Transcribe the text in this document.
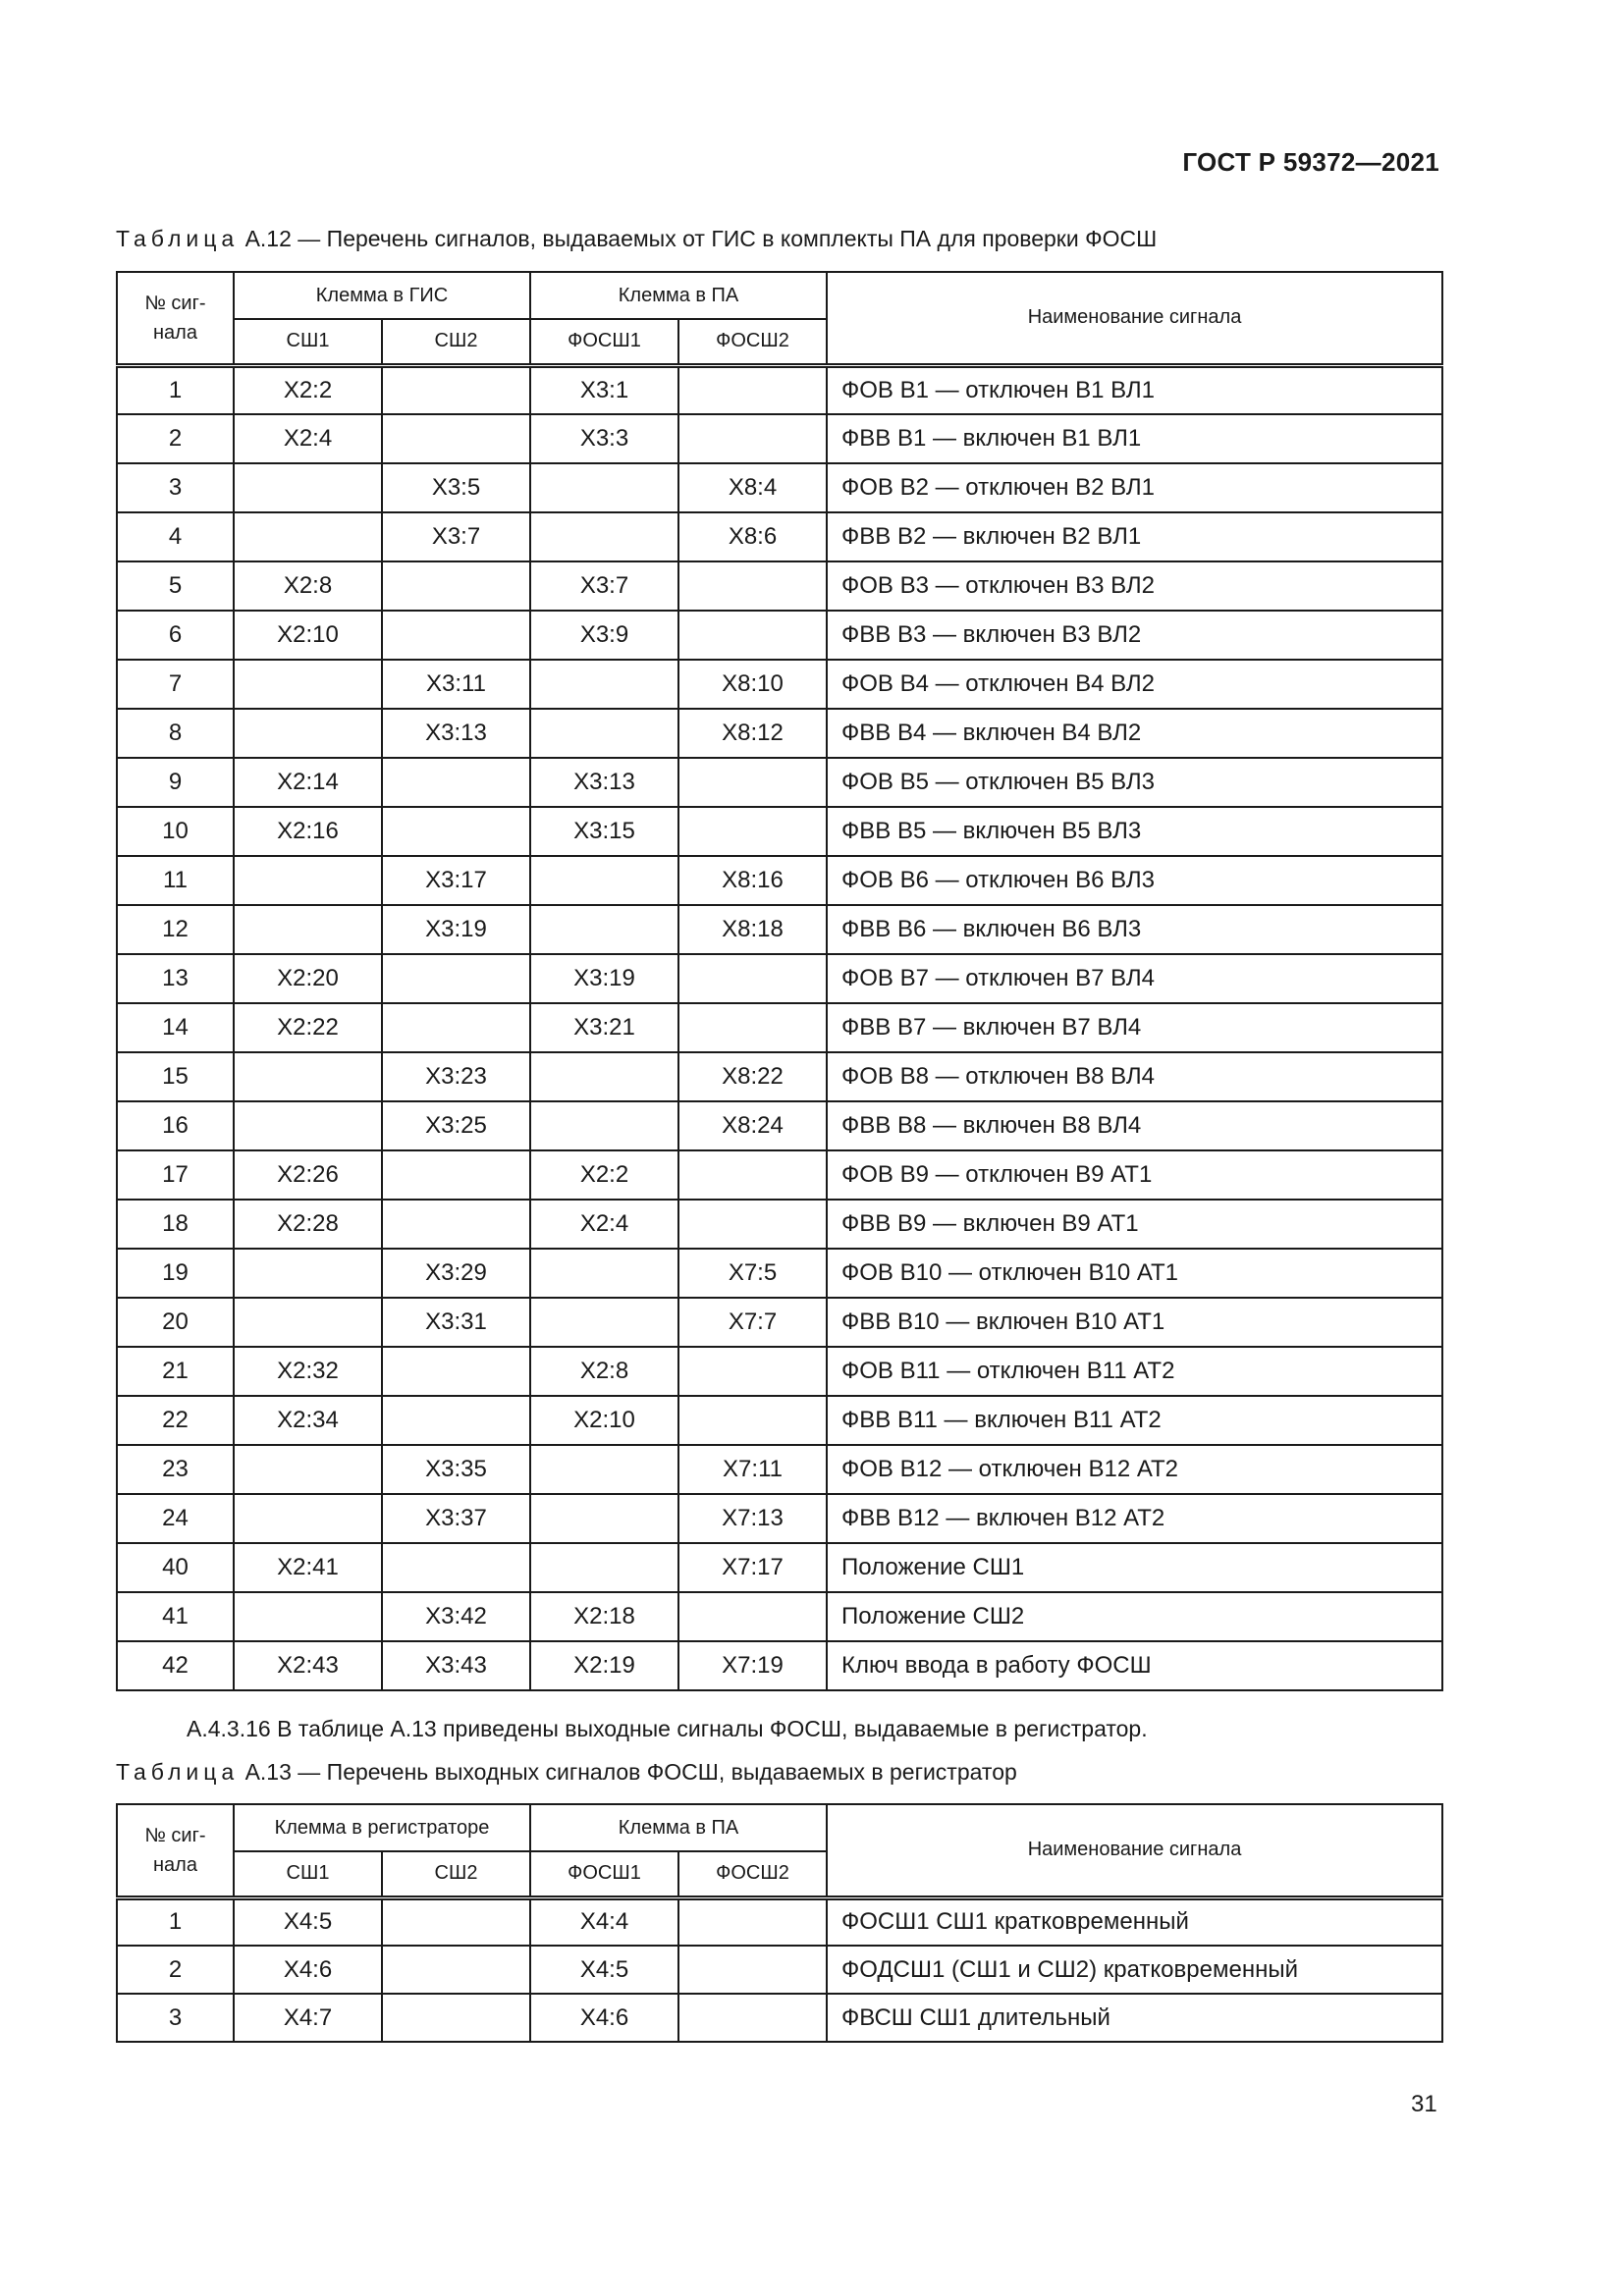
ГОСТ Р 59372—2021
Таблица А.12 — Перечень сигналов, выдаваемых от ГИС в комплекты ПА для проверки ФОСШ
№ сиг-
нала	Клемма в ГИС		Клемма в ПА		Наименование сигнала
	СШ1	СШ2	ФОСШ1	ФОСШ2	
1	X2:2		X3:1		ФОВ В1 — отключен В1 ВЛ1
2	X2:4		X3:3		ФВВ В1 — включен В1 ВЛ1
3		X3:5		X8:4	ФОВ В2 — отключен В2 ВЛ1
4		X3:7		X8:6	ФВВ В2 — включен В2 ВЛ1
5	X2:8		X3:7		ФОВ В3 — отключен В3 ВЛ2
6	X2:10		X3:9		ФВВ В3 — включен В3 ВЛ2
7		X3:11		X8:10	ФОВ В4 — отключен В4 ВЛ2
8		X3:13		X8:12	ФВВ В4 — включен В4 ВЛ2
9	X2:14		X3:13		ФОВ В5 — отключен В5 ВЛ3
10	X2:16		X3:15		ФВВ В5 — включен В5 ВЛ3
11		X3:17		X8:16	ФОВ В6 — отключен В6 ВЛ3
12		X3:19		X8:18	ФВВ В6 — включен В6 ВЛ3
13	X2:20		X3:19		ФОВ В7 — отключен В7 ВЛ4
14	X2:22		X3:21		ФВВ В7 — включен В7 ВЛ4
15		X3:23		X8:22	ФОВ В8 — отключен В8 ВЛ4
16		X3:25		X8:24	ФВВ В8 — включен В8 ВЛ4
17	X2:26		X2:2		ФОВ В9 — отключен В9 АТ1
18	X2:28		X2:4		ФВВ В9 — включен В9 АТ1
19		X3:29		X7:5	ФОВ В10 — отключен В10 АТ1
20		X3:31		X7:7	ФВВ В10 — включен В10 АТ1
21	X2:32		X2:8		ФОВ В11 — отключен В11 АТ2
22	X2:34		X2:10		ФВВ В11 — включен В11 АТ2
23		X3:35		X7:11	ФОВ В12 — отключен В12 АТ2
24		X3:37		X7:13	ФВВ В12 — включен В12 АТ2
40	X2:41			X7:17	Положение СШ1
41		X3:42	X2:18		Положение СШ2
42	X2:43	X3:43	X2:19	X7:19	Ключ ввода в работу ФОСШ
А.4.3.16 В таблице А.13 приведены выходные сигналы ФОСШ, выдаваемые в регистратор.
Таблица А.13 — Перечень выходных сигналов ФОСШ, выдаваемых в регистратор
№ сиг-
нала	Клемма в регистраторе		Клемма в ПА		Наименование сигнала
	СШ1	СШ2	ФОСШ1	ФОСШ2	
1	X4:5		X4:4		ФОСШ1 СШ1 кратковременный
2	X4:6		X4:5		ФОДСШ1 (СШ1 и СШ2) кратковременный
3	X4:7		X4:6		ФВСШ СШ1 длительный
31
